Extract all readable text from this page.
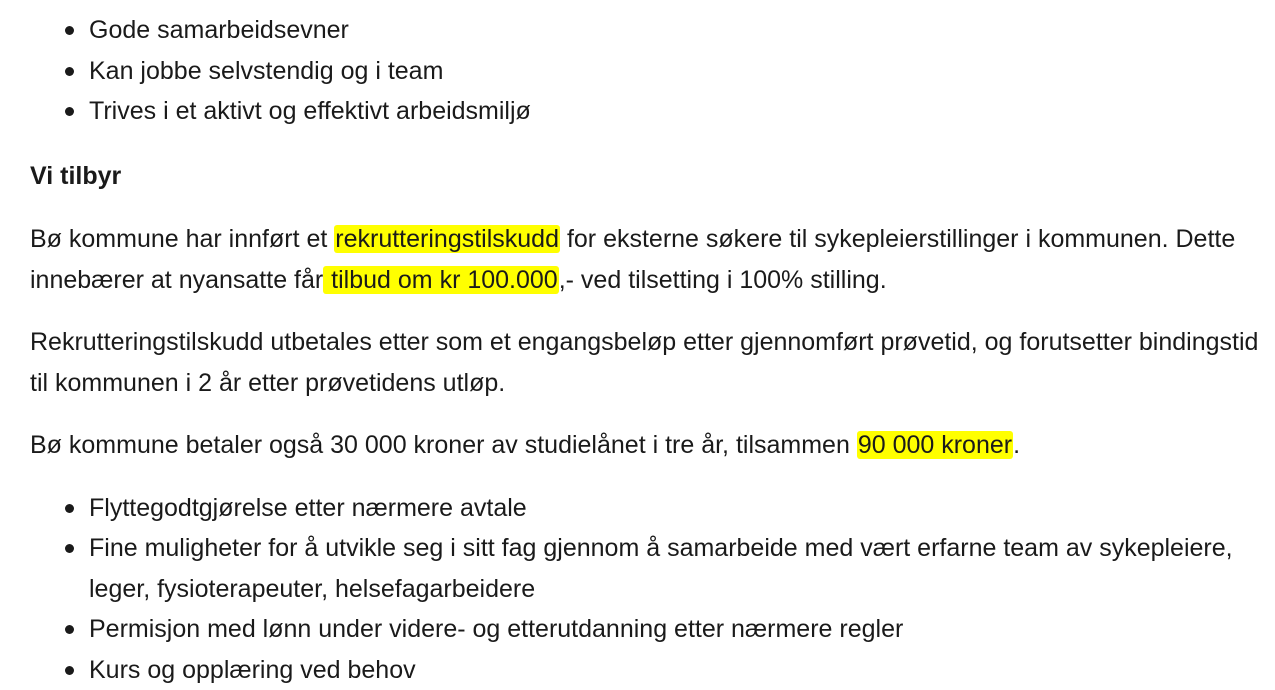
Gode samarbeidsevner
Kan jobbe selvstendig og i team
Trives i et aktivt og effektivt arbeidsmiljø
Vi tilbyr

Bø kommune har innført et rekrutteringstilskudd for eksterne søkere til sykepleierstillinger i kommunen. Dette innebærer at nyansatte får tilbud om kr 100.000,- ved tilsetting i 100% stilling.

Rekrutteringstilskudd utbetales etter som et engangsbeløp etter gjennomført prøvetid, og forutsetter bindingstid til kommunen i 2 år etter prøvetidens utløp.

Bø kommune betaler også 30 000 kroner av studielånet i tre år, tilsammen 90 000 kroner.

Flyttegodtgjørelse etter nærmere avtale
Fine muligheter for å utvikle seg i sitt fag gjennom å samarbeide med vært erfarne team av sykepleiere, leger, fysioterapeuter, helsefagarbeidere
Permisjon med lønn under videre- og etterutdanning etter nærmere regler
Kurs og opplæring ved behov
